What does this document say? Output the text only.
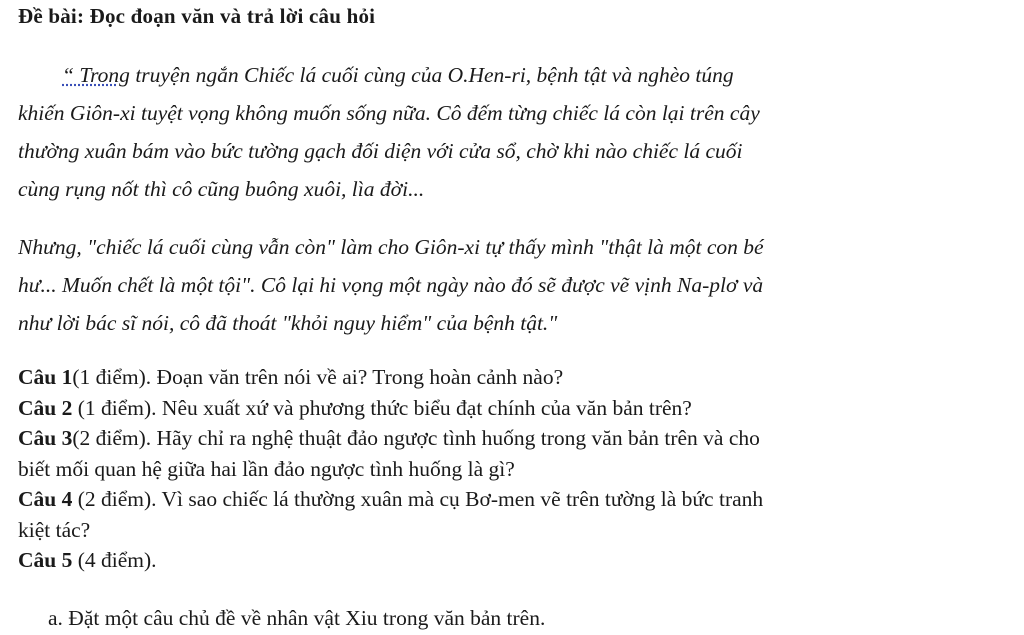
Đề bài: Đọc đoạn văn và trả lời câu hỏi
“ Trong truyện ngắn Chiếc lá cuối cùng của O.Hen-ri, bệnh tật và nghèo túng
khiến Giôn-xi tuyệt vọng không muốn sống nữa. Cô đếm từng chiếc lá còn lại trên cây
thường xuân bám vào bức tường gạch đối diện với cửa sổ, chờ khi nào chiếc lá cuối
cùng rụng nốt thì cô cũng buông xuôi, lìa đời...
Nhưng, "chiếc lá cuối cùng vẫn còn" làm cho Giôn-xi tự thấy mình "thật là một con bé
hư... Muốn chết là một tội". Cô lại hi vọng một ngày nào đó sẽ được vẽ vịnh Na-plơ và
như lời bác sĩ nói, cô đã thoát "khỏi nguy hiểm" của bệnh tật."
Câu 1(1 điểm). Đoạn văn trên nói về ai? Trong hoàn cảnh nào?
Câu 2 (1 điểm). Nêu xuất xứ và phương thức biểu đạt chính của văn bản trên?
Câu 3(2 điểm). Hãy chỉ ra nghệ thuật đảo ngược tình huống trong văn bản trên và cho
biết mối quan hệ giữa hai lần đảo ngược tình huống là gì?
Câu 4 (2 điểm). Vì sao chiếc lá thường xuân mà cụ Bơ-men vẽ trên tường là bức tranh
kiệt tác?
Câu 5 (4 điểm).
a. Đặt một câu chủ đề về nhân vật Xiu trong văn bản trên.
